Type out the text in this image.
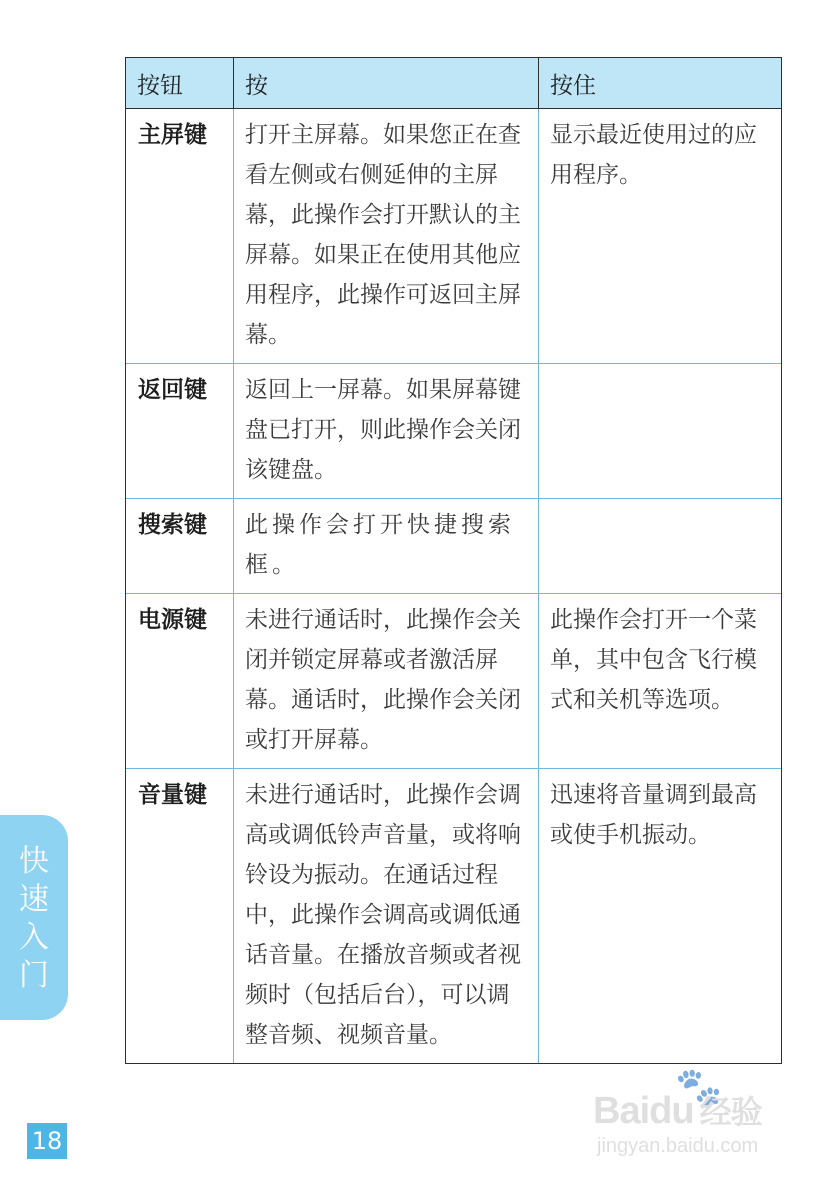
按钮	按	按住
主屏键	打开主屏幕。如果您正在查看左侧或右侧延伸的主屏幕，此操作会打开默认的主屏幕。如果正在使用其他应用程序，此操作可返回主屏幕。	显示最近使用过的应用程序。
返回键	返回上一屏幕。如果屏幕键盘已打开，则此操作会关闭该键盘。	
搜索键	此操作会打开快捷搜索框。	
电源键	未进行通话时，此操作会关闭并锁定屏幕或者激活屏幕。通话时，此操作会关闭或打开屏幕。	此操作会打开一个菜单，其中包含飞行模式和关机等选项。
音量键	未进行通话时，此操作会调高或调低铃声音量，或将响铃设为振动。在通话过程中，此操作会调高或调低通话音量。在播放音频或者视频时（包括后台），可以调整音频、视频音量。	迅速将音量调到最高或使手机振动。
快速入门
18
🐾
Baidu 经验
jingyan.baidu.com
